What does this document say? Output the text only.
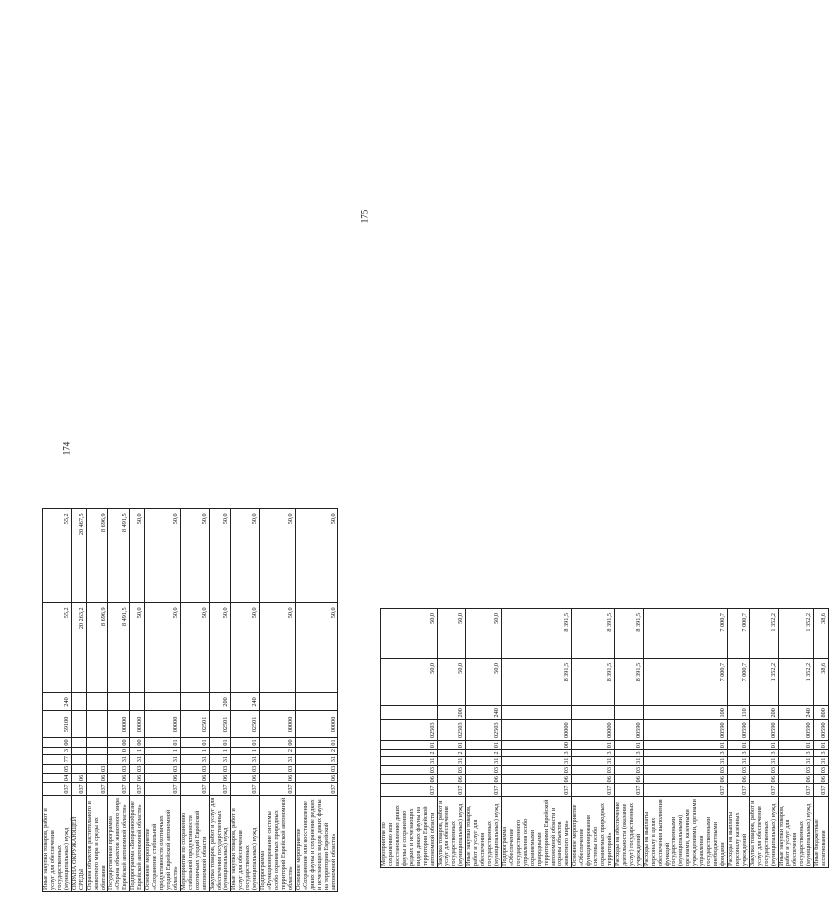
174
175
Иные закупки товаров, работ и услуг для обеспечения государственных (муниципальных) нужд	037	04	05	77	3	00	59100	240	55,2	55,2

ОХРАНА ОКРУЖАЮЩЕЙ СРЕДЫ	037	06							20 263,2	20 467,5

Охрана объектов растительного и животного мира и среды их обитания	037	06	03						8 696,9	8 696,9

Государственная программа «Охрана объектов животного мира Еврейской автономной области»	037	06	03	31	0	00	00000		8 491,5	8 491,5

Подпрограмма «Биоразнообразие Еврейской автономной области»	037	06	03	31	1	00	00000		50,0	50,0

Основное мероприятие «Сохранение стабильной продуктивности охотничьих угодий Еврейской автономной области»	037	06	03	31	1	01	00000		50,0	50,0

Мероприятия по сохранению стабильной продуктивности охотничьих угодий Еврейской автономной области	037	06	03	31	1	01	02501		50,0	50,0

Закупка товаров, работ и услуг для обеспечения государственных (муниципальных) нужд	037	06	03	31	1	01	02501	200	50,0	50,0

Иные закупки товаров, работ и услуг для обеспечения государственных (муниципальных) нужд	037	06	03	31	1	01	02501	240	50,0	50,0

Подпрограмма «Функционирование системы особо охраняемых природных территорий Еврейской автономной области»	037	06	03	31	2	00	00000		50,0	50,0

Основное мероприятие «Сохранение или восстановление диких фауны и сохранение редких и исчезающих видов диких фауны на территории Еврейской автономной области»	037	06	03	31	2	01	00000		50,0	50,0
Мероприятия по сохранению или восстановлению диких фауны и сохранению редких и исчезающих видов диких фауны на территории Еврейской автономной области	037	06	03	31	2	01	02503		50,0	50,0

Закупка товаров, работ и услуг для обеспечения государственных (муниципальных) нужд	037	06	03	31	2	01	02503	200	50,0	50,0

Иные закупки товаров, работ и услуг для обеспечения государственных (муниципальных) нужд	037	06	03	31	2	01	02503	240	50,0	50,0

Подпрограмма «Обеспечение государственного управления особо охраняемыми природными территориями Еврейской автономной области и охраны объектов животного мира»	037	06	03	31	3	00	00000		8 391,5	8 391,5

Основное мероприятие «Обеспечение функционирования системы особо охраняемых природных территорий»	037	06	03	31	3	01	00000		8 391,5	8 391,5

Расходы на обеспечение деятельности (оказание услуг) государственных учреждений	037	06	03	31	3	01	00590		8 391,5	8 391,5

Расходы на выплаты персоналу в целях обеспечения выполнения функций государственными (муниципальными) органами, казенными учреждениями, органами управления государственными внебюджетными фондами	037	06	03	31	3	01	00590	100	7 000,7	7 000,7

Расходы на выплаты персоналу казенных учреждений	037	06	03	31	3	01	00590	110	7 000,7	7 000,7

Закупка товаров, работ и услуг для обеспечения государственных (муниципальных) нужд	037	06	03	31	3	01	00590	200	1 352,2	1 352,2

Иные закупки товаров, работ и услуг для обеспечения государственных (муниципальных) нужд	037	06	03	31	3	01	00590	240	1 352,2	1 352,2

Иные бюджетные ассигнования	037	06	03	31	3	01	00590	800	38,6	38,6
